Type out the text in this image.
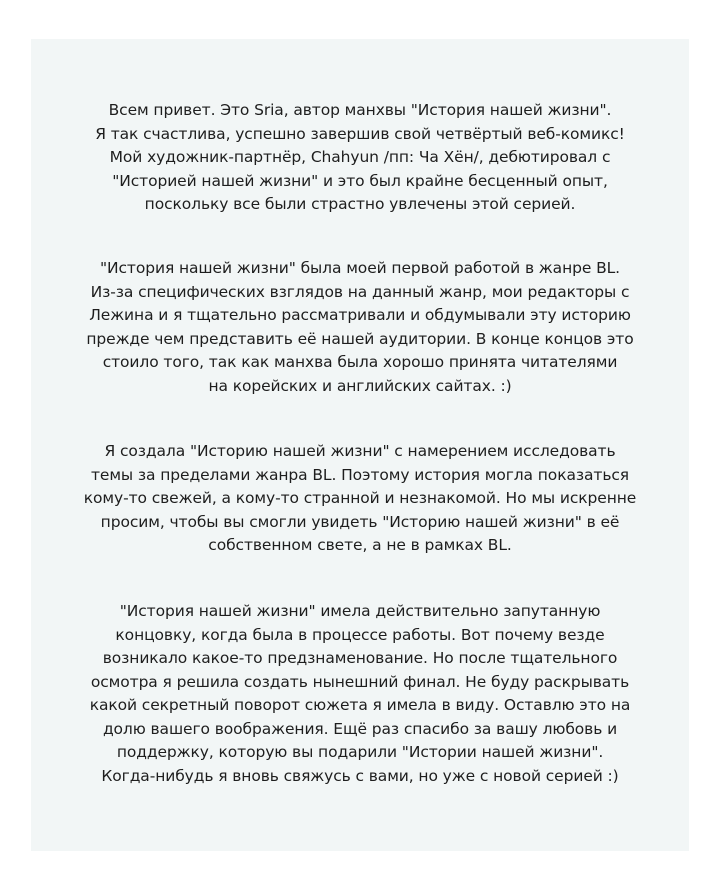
Всем привет. Это Sria, автор манхвы "История нашей жизни".
Я так счастлива, успешно завершив свой четвёртый веб-комикс!
Мой художник-партнёр, Chahyun /пп: Ча Хён/, дебютировал с
"Историей нашей жизни" и это был крайне бесценный опыт,
поскольку все были страстно увлечены этой серией.
"История нашей жизни" была моей первой работой в жанре BL.
Из-за специфических взглядов на данный жанр, мои редакторы с
Лежина и я тщательно рассматривали и обдумывали эту историю
прежде чем представить её нашей аудитории. В конце концов это
стоило того, так как манхва была хорошо принята читателями
на корейских и английских сайтах. :)
Я создала "Историю нашей жизни" с намерением исследовать
темы за пределами жанра BL. Поэтому история могла показаться
кому-то свежей, а кому-то странной и незнакомой. Но мы искренне
просим, чтобы вы смогли увидеть "Историю нашей жизни" в её
собственном свете, а не в рамках BL.
"История нашей жизни" имела действительно запутанную
концовку, когда была в процессе работы. Вот почему везде
возникало какое-то предзнаменование. Но после тщательного
осмотра я решила создать нынешний финал. Не буду раскрывать
какой секретный поворот сюжета я имела в виду. Оставлю это на
долю вашего воображения. Ещё раз спасибо за вашу любовь и
поддержку, которую вы подарили "Истории нашей жизни".
Когда-нибудь я вновь свяжусь с вами, но уже с новой серией :)
